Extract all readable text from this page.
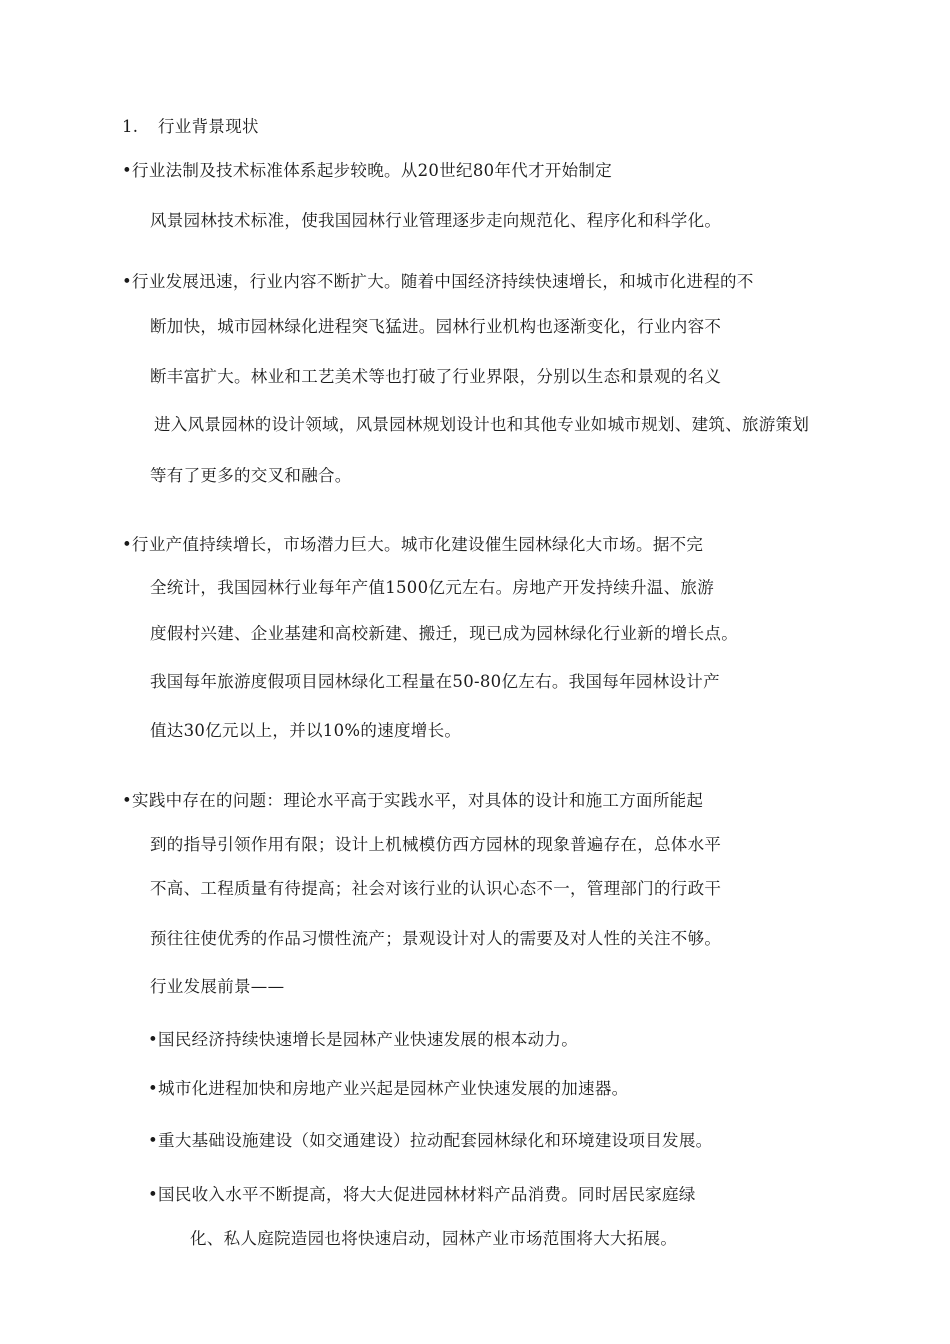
1. 行业背景现状
•行业法制及技术标准体系起步较晚。从20世纪80年代才开始制定
风景园林技术标准，使我国园林行业管理逐步走向规范化、程序化和科学化。
•行业发展迅速，行业内容不断扩大。随着中国经济持续快速增长，和城市化进程的不
断加快，城市园林绿化进程突飞猛进。园林行业机构也逐渐变化，行业内容不
断丰富扩大。林业和工艺美术等也打破了行业界限，分别以生态和景观的名义
进入风景园林的设计领域，风景园林规划设计也和其他专业如城市规划、建筑、旅游策划
等有了更多的交叉和融合。
•行业产值持续增长，市场潜力巨大。城市化建设催生园林绿化大市场。据不完
全统计，我国园林行业每年产值1500亿元左右。房地产开发持续升温、旅游
度假村兴建、企业基建和高校新建、搬迁，现已成为园林绿化行业新的增长点。
我国每年旅游度假项目园林绿化工程量在50-80亿左右。我国每年园林设计产
值达30亿元以上，并以10%的速度增长。
•实践中存在的问题：理论水平高于实践水平，对具体的设计和施工方面所能起
到的指导引领作用有限；设计上机械模仿西方园林的现象普遍存在，总体水平
不高、工程质量有待提高；社会对该行业的认识心态不一，管理部门的行政干
预往往使优秀的作品习惯性流产；景观设计对人的需要及对人性的关注不够。
行业发展前景——
•国民经济持续快速增长是园林产业快速发展的根本动力。
•城市化进程加快和房地产业兴起是园林产业快速发展的加速器。
•重大基础设施建设（如交通建设）拉动配套园林绿化和环境建设项目发展。
•国民收入水平不断提高，将大大促进园林材料产品消费。同时居民家庭绿
化、私人庭院造园也将快速启动，园林产业市场范围将大大拓展。
